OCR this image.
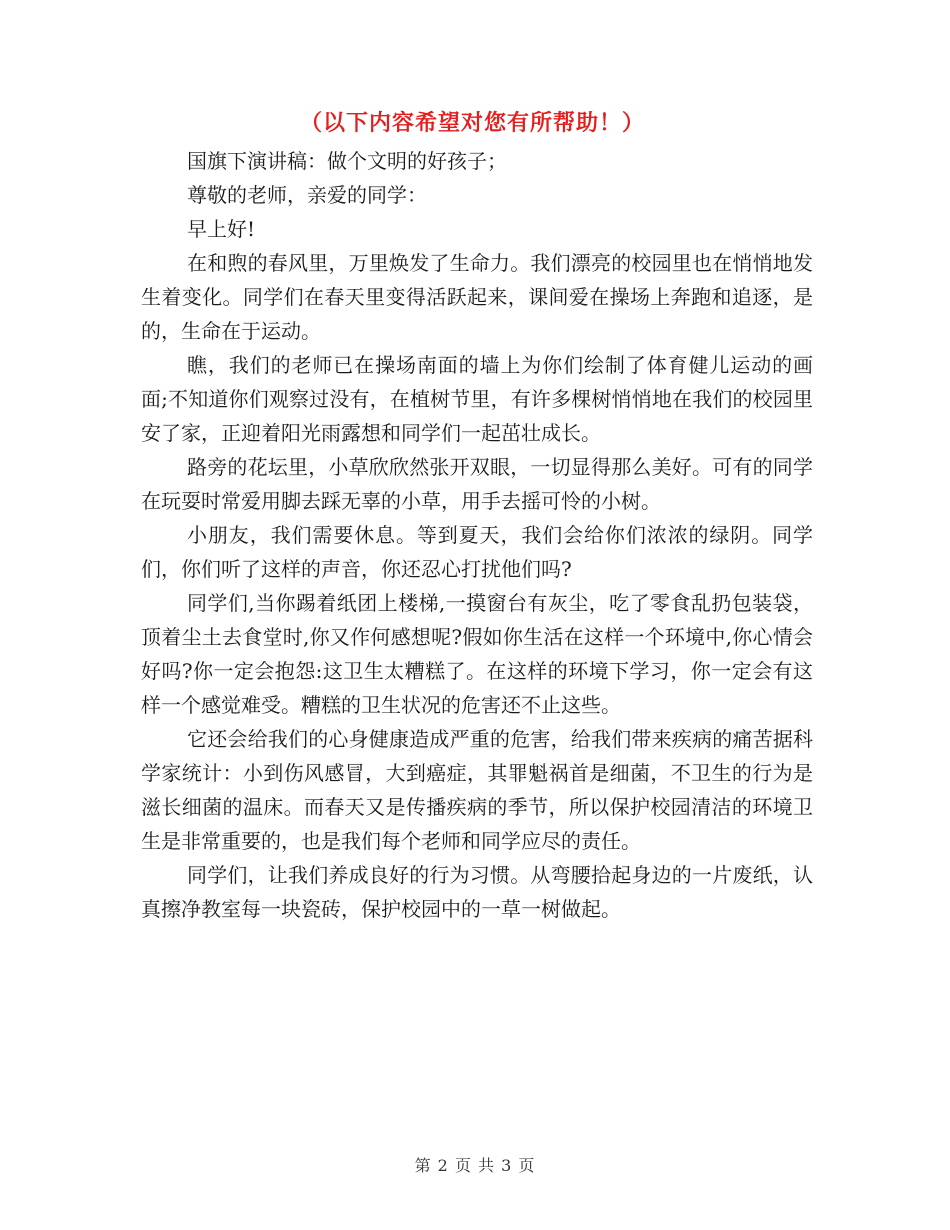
（以下内容希望对您有所帮助！）

国旗下演讲稿：做个文明的好孩子；

尊敬的老师，亲爱的同学：

早上好!

在和煦的春风里，万里焕发了生命力。我们漂亮的校园里也在悄悄地发生着变化。同学们在春天里变得活跃起来，课间爱在操场上奔跑和追逐，是的，生命在于运动。

瞧，我们的老师已在操场南面的墙上为你们绘制了体育健儿运动的画面;不知道你们观察过没有，在植树节里，有许多棵树悄悄地在我们的校园里安了家，正迎着阳光雨露想和同学们一起茁壮成长。

路旁的花坛里，小草欣欣然张开双眼，一切显得那么美好。可有的同学在玩耍时常爱用脚去踩无辜的小草，用手去摇可怜的小树。

小朋友，我们需要休息。等到夏天，我们会给你们浓浓的绿阴。同学们，你们听了这样的声音，你还忍心打扰他们吗?

同学们,当你踢着纸团上楼梯,一摸窗台有灰尘，吃了零食乱扔包装袋，顶着尘土去食堂时,你又作何感想呢?假如你生活在这样一个环境中,你心情会好吗?你一定会抱怨:这卫生太糟糕了。在这样的环境下学习，你一定会有这样一个感觉难受。糟糕的卫生状况的危害还不止这些。

它还会给我们的心身健康造成严重的危害，给我们带来疾病的痛苦据科学家统计：小到伤风感冒，大到癌症，其罪魁祸首是细菌，不卫生的行为是滋长细菌的温床。而春天又是传播疾病的季节，所以保护校园清洁的环境卫生是非常重要的，也是我们每个老师和同学应尽的责任。

同学们，让我们养成良好的行为习惯。从弯腰拾起身边的一片废纸，认真擦净教室每一块瓷砖，保护校园中的一草一树做起。

第 2 页 共 3 页
